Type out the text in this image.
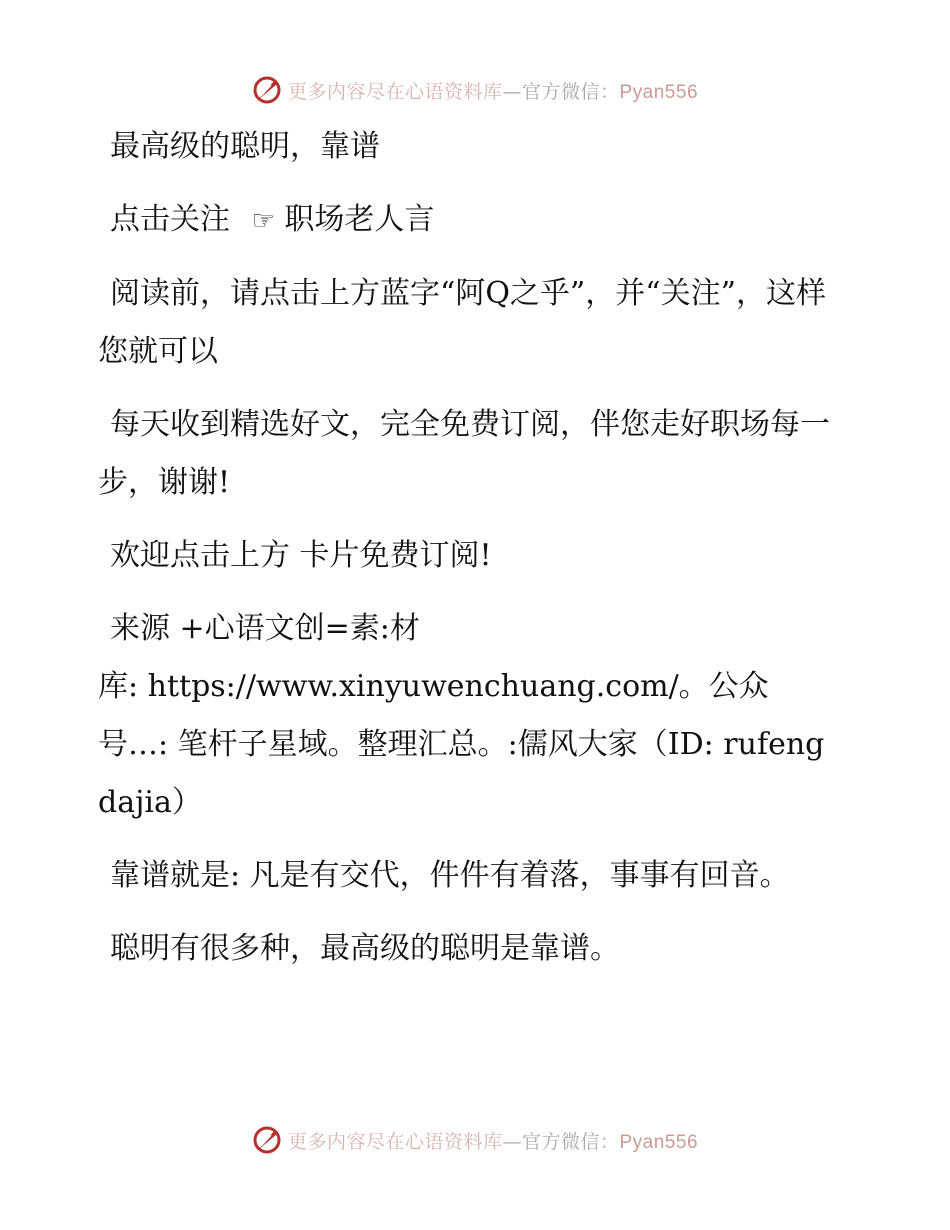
更多内容尽在心语资料库—官方微信：Pyan556

最高级的聪明，靠谱

点击关注 ☞ 职场老人言

阅读前，请点击上方蓝字“阿Q之乎”，并“关注”，这样您就可以

每天收到精选好文，完全免费订阅，伴您走好职场每一步，谢谢!

欢迎点击上方 卡片免费订阅!

来源 +心语文创=素:材

库: https://www.xinyuwenchuang.com/。公众号…: 笔杆子星域。整理汇总。:儒风大家（ID: rufengdajia）

靠谱就是: 凡是有交代，件件有着落，事事有回音。

聪明有很多种，最高级的聪明是靠谱。

更多内容尽在心语资料库—官方微信：Pyan556
